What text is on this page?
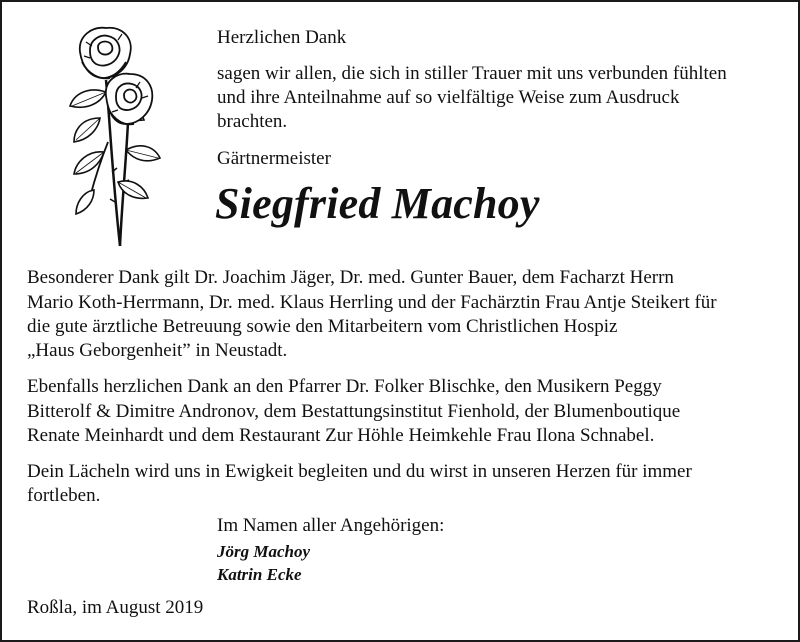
Herzlichen Dank
sagen wir allen, die sich in stiller Trauer mit uns verbunden fühlten
und ihre Anteilnahme auf so vielfältige Weise zum Ausdruck
brachten.
Gärtnermeister
Siegfried Machoy
Besonderer Dank gilt Dr. Joachim Jäger, Dr. med. Gunter Bauer, dem Facharzt Herrn
Mario Koth-Herrmann, Dr. med. Klaus Herrling und der Fachärztin Frau Antje Steikert für
die gute ärztliche Betreuung sowie den Mitarbeitern vom Christlichen Hospiz
„Haus Geborgenheit” in Neustadt.
Ebenfalls herzlichen Dank an den Pfarrer Dr. Folker Blischke, den Musikern Peggy
Bitterolf & Dimitre Andronov, dem Bestattungsinstitut Fienhold, der Blumenboutique
Renate Meinhardt und dem Restaurant Zur Höhle Heimkehle Frau Ilona Schnabel.
Dein Lächeln wird uns in Ewigkeit begleiten und du wirst in unseren Herzen für immer
fortleben.
Im Namen aller Angehörigen:
Jörg Machoy
Katrin Ecke
Roßla, im August 2019
